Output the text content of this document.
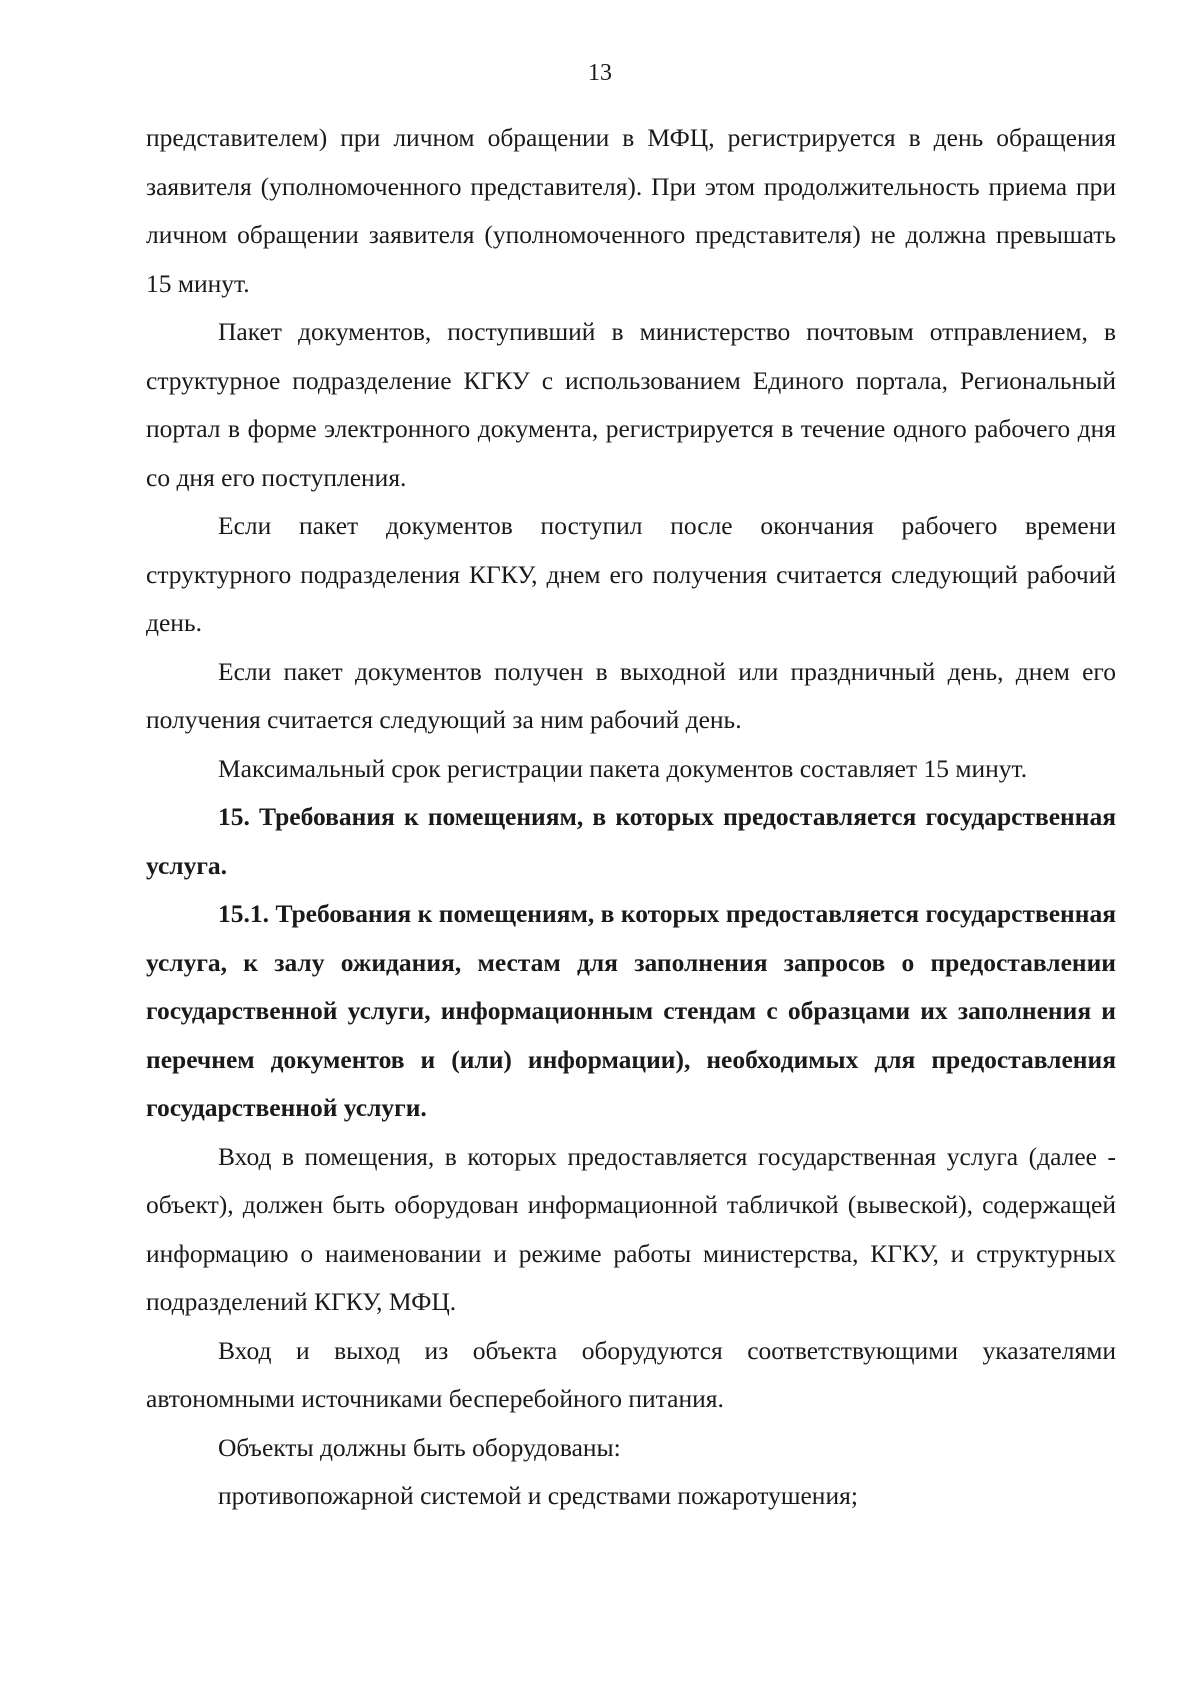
13

представителем) при личном обращении в МФЦ, регистрируется в день обращения заявителя (уполномоченного представителя). При этом продолжительность приема при личном обращении заявителя (уполномоченного представителя) не должна превышать 15 минут.

Пакет документов, поступивший в министерство почтовым отправлением, в структурное подразделение КГКУ с использованием Единого портала, Региональный портал в форме электронного документа, регистрируется в течение одного рабочего дня со дня его поступления.

Если пакет документов поступил после окончания рабочего времени структурного подразделения КГКУ, днем его получения считается следующий рабочий день.

Если пакет документов получен в выходной или праздничный день, днем его получения считается следующий за ним рабочий день.

Максимальный срок регистрации пакета документов составляет 15 минут.

15. Требования к помещениям, в которых предоставляется государственная услуга.

15.1. Требования к помещениям, в которых предоставляется государственная услуга, к залу ожидания, местам для заполнения запросов о предоставлении государственной услуги, информационным стендам с образцами их заполнения и перечнем документов и (или) информации), необходимых для предоставления государственной услуги.

Вход в помещения, в которых предоставляется государственная услуга (далее - объект), должен быть оборудован информационной табличкой (вывеской), содержащей информацию о наименовании и режиме работы министерства, КГКУ, и структурных подразделений КГКУ, МФЦ.

Вход и выход из объекта оборудуются соответствующими указателями автономными источниками бесперебойного питания.

Объекты должны быть оборудованы:

противопожарной системой и средствами пожаротушения;
